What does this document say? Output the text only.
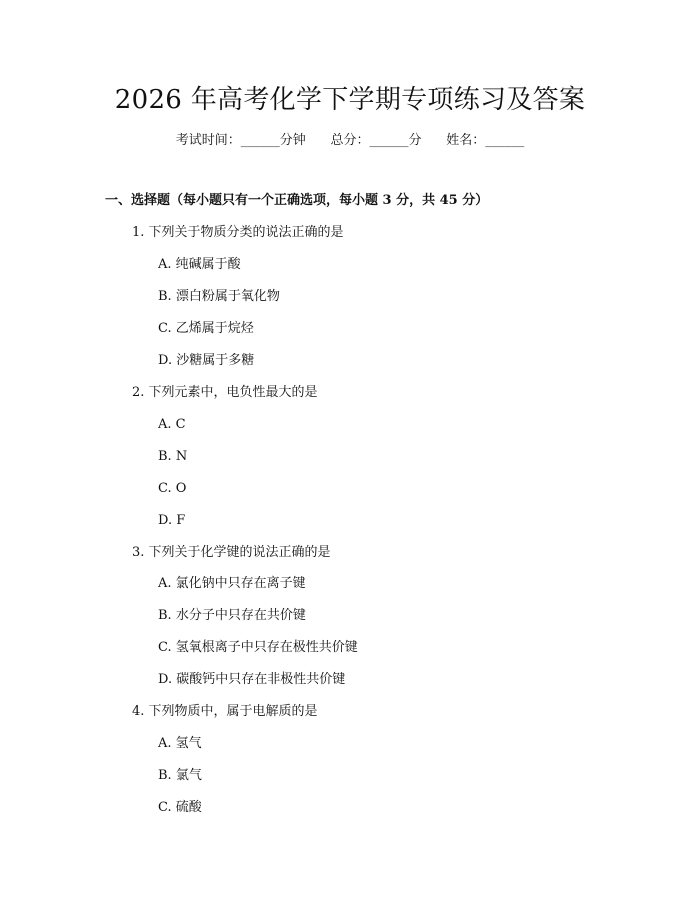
2026 年高考化学下学期专项练习及答案
考试时间：______分钟      总分：______分      姓名：______
一、选择题（每小题只有一个正确选项，每小题 3 分，共 45 分）
1. 下列关于物质分类的说法正确的是
A. 纯碱属于酸
B. 漂白粉属于氧化物
C. 乙烯属于烷烃
D. 沙糖属于多糖
2. 下列元素中，电负性最大的是
A. C
B. N
C. O
D. F
3. 下列关于化学键的说法正确的是
A. 氯化钠中只存在离子键
B. 水分子中只存在共价键
C. 氢氧根离子中只存在极性共价键
D. 碳酸钙中只存在非极性共价键
4. 下列物质中，属于电解质的是
A. 氢气
B. 氯气
C. 硫酸
